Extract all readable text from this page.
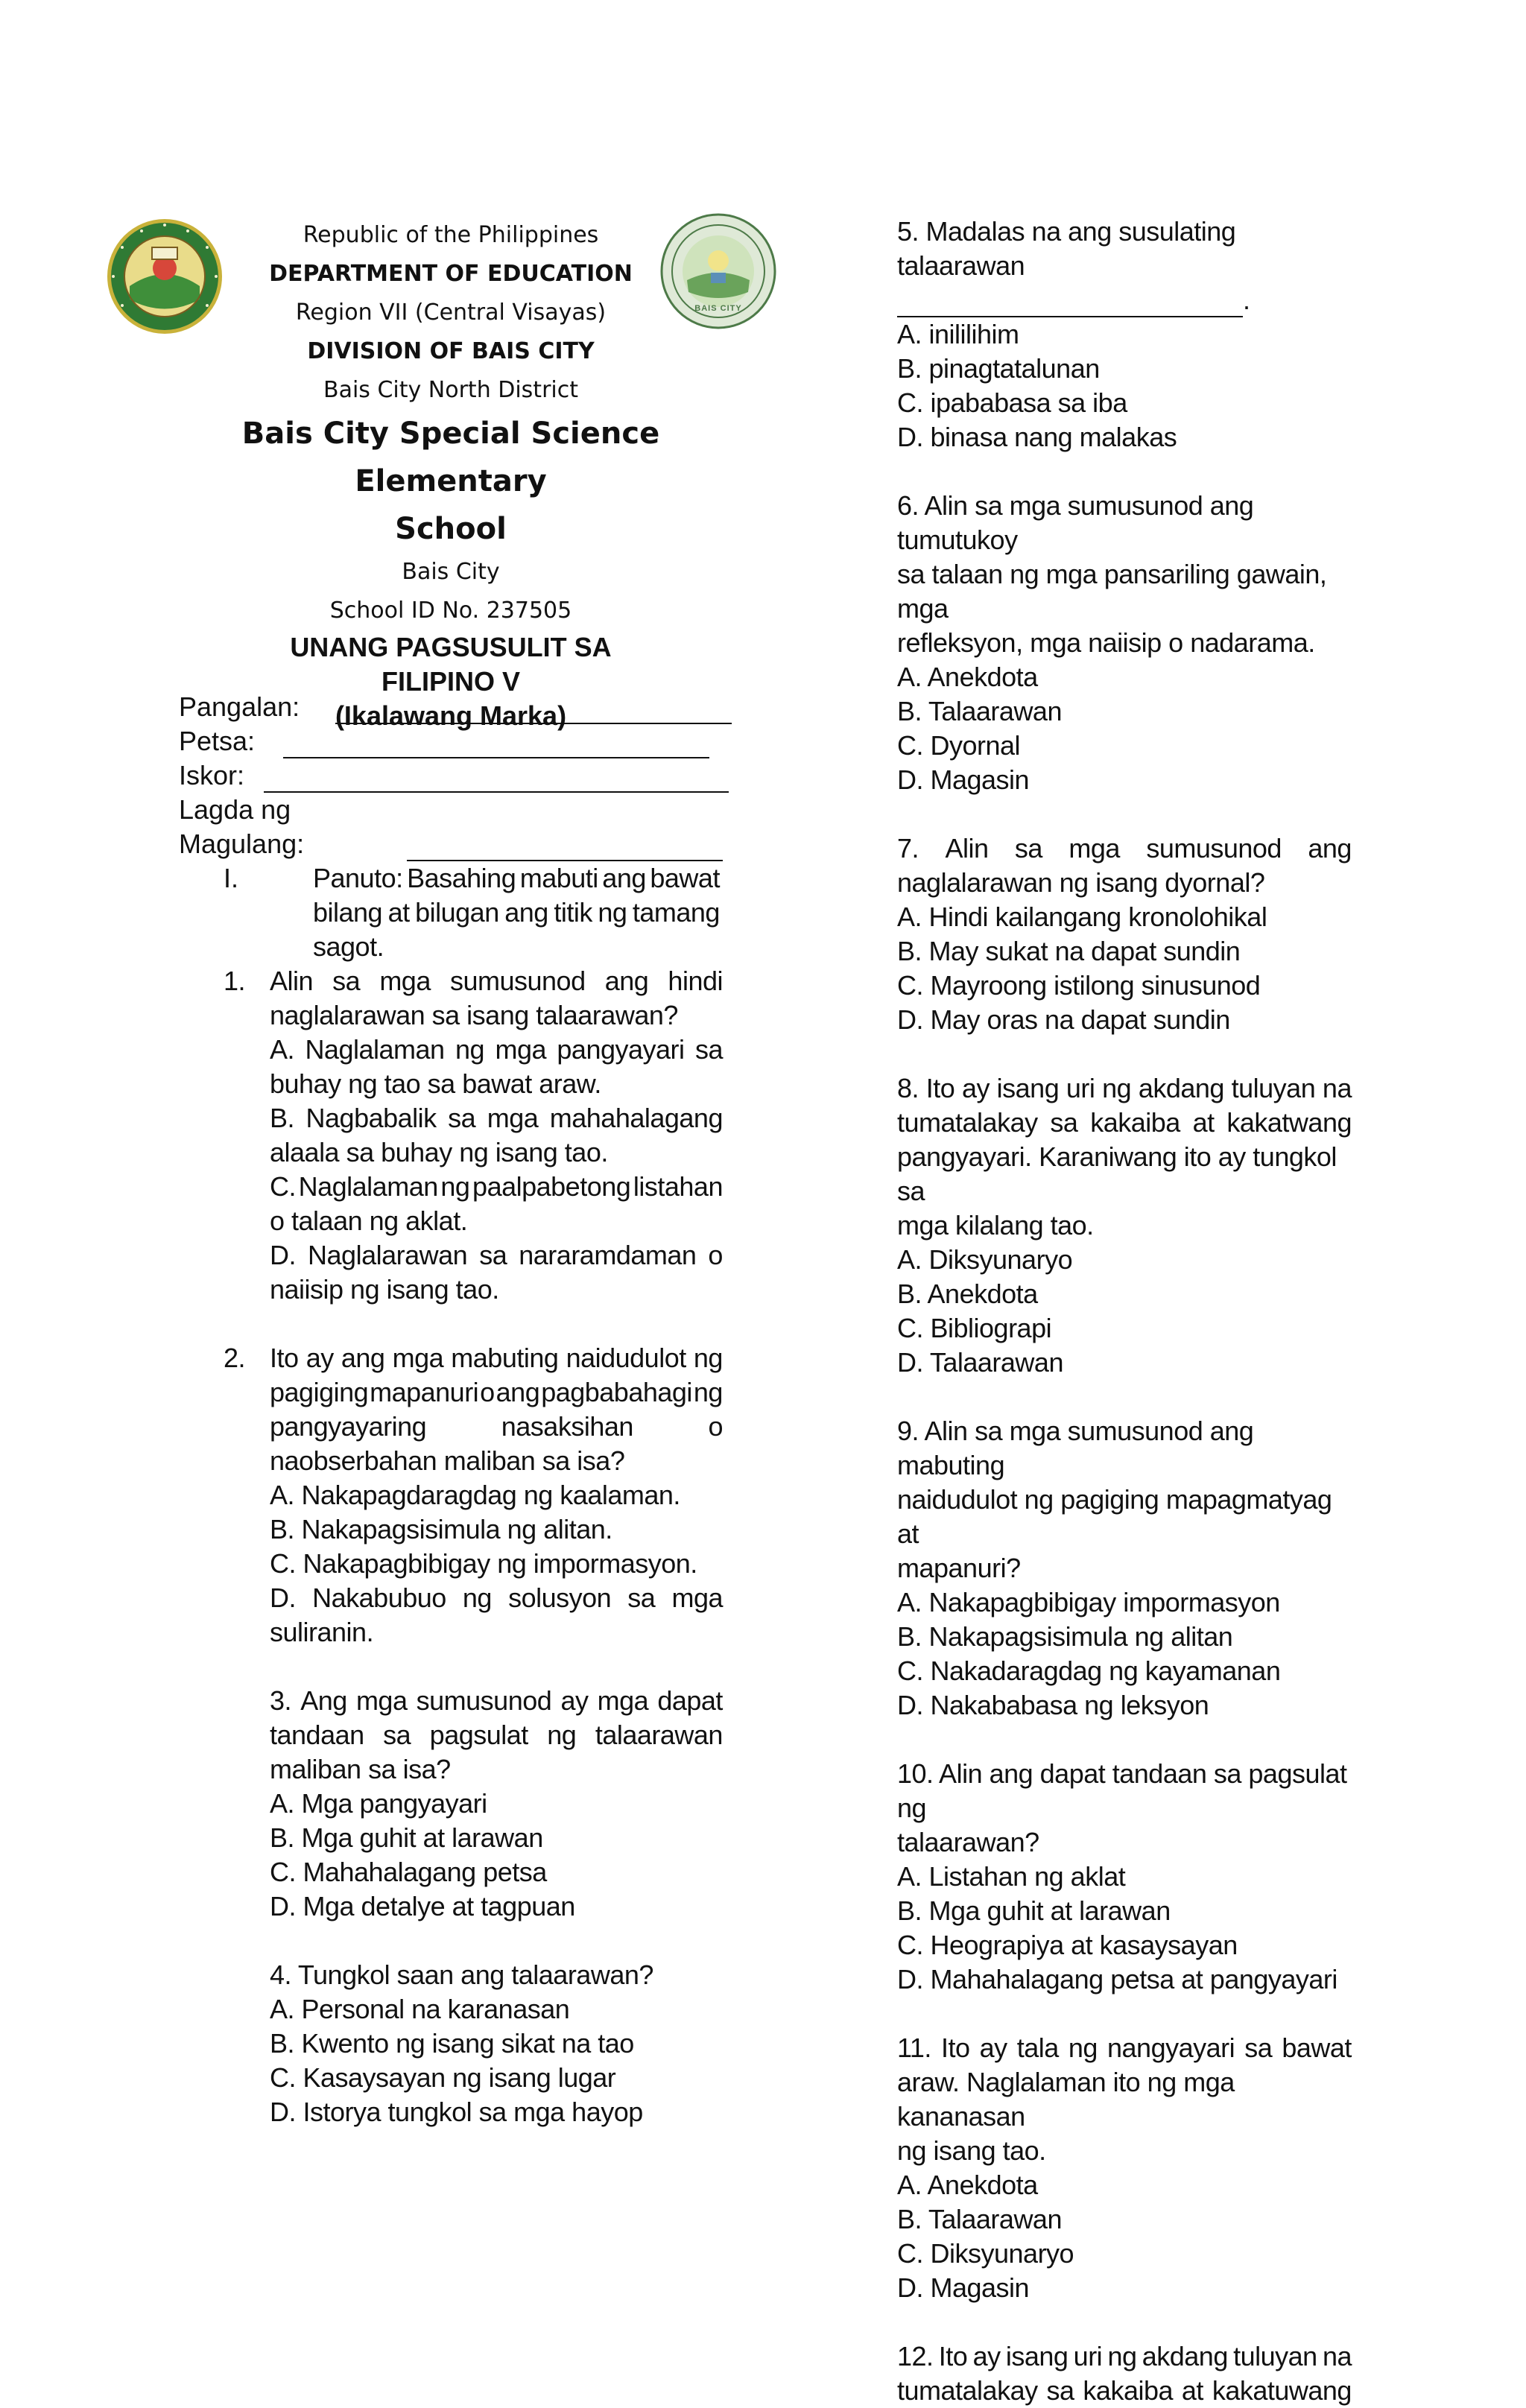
BAIS CITY
Republic of the Philippines
DEPARTMENT OF EDUCATION
Region VII (Central Visayas)
DIVISION OF BAIS CITY
Bais City North District
Bais City Special Science Elementary
School
Bais City
School ID No. 237505
UNANG PAGSUSULIT SA FILIPINO V
(Ikalawang Marka)
Pangalan:
Petsa:
Iskor:
Lagda ng Magulang:
I.	Panuto: Basahing mabuti ang bawat
bilang at bilugan ang titik ng tamang
sagot.
1. Alin sa mga sumusunod ang hindi
naglalarawan sa isang talaarawan?
A. Naglalaman ng mga pangyayari sa
buhay ng tao sa bawat araw.
B. Nagbabalik sa mga mahahalagang
alaala sa buhay ng isang tao.
C. Naglalaman ng paalpabetong listahan
o talaan ng aklat.
D. Naglalarawan sa nararamdaman o
naiisip ng isang tao.
2. Ito ay ang mga mabuting naidudulot ng
pagiging mapanuri o ang pagbabahagi ng
pangyayaring	nasaksihan	o
naobserbahan maliban sa isa?
A. Nakapagdaragdag ng kaalaman.
B. Nakapagsisimula ng alitan.
C. Nakapagbibigay ng impormasyon.
D. Nakabubuo ng solusyon sa mga
suliranin.
3. Ang mga sumusunod ay mga dapat
tandaan sa pagsulat ng talaarawan
maliban sa isa?
A. Mga pangyayari
B. Mga guhit at larawan
C. Mahahalagang petsa
D. Mga detalye at tagpuan
4. Tungkol saan ang talaarawan?
A. Personal na karanasan
B. Kwento ng isang sikat na tao
C. Kasaysayan ng isang lugar
D. Istorya tungkol sa mga hayop
5. Madalas na ang susulating talaarawan
.
A. inililihim
B. pinagtatalunan
C. ipababasa sa iba
D. binasa nang malakas
6. Alin sa mga sumusunod ang tumutukoy
sa talaan ng mga pansariling gawain, mga
refleksyon, mga naiisip o nadarama.
A. Anekdota
B. Talaarawan
C. Dyornal
D. Magasin
7. Alin sa mga sumusunod ang
naglalarawan ng isang dyornal?
A. Hindi kailangang kronolohikal
B. May sukat na dapat sundin
C. Mayroong istilong sinusunod
D. May oras na dapat sundin
8. Ito ay isang uri ng akdang tuluyan na
tumatalakay sa kakaiba at kakatwang
pangyayari. Karaniwang ito ay tungkol sa
mga kilalang tao.
A. Diksyunaryo
B. Anekdota
C. Bibliograpi
D. Talaarawan
9. Alin sa mga sumusunod ang mabuting
naidudulot ng pagiging mapagmatyag at
mapanuri?
A. Nakapagbibigay impormasyon
B. Nakapagsisimula ng alitan
C. Nakadaragdag ng kayamanan
D. Nakababasa ng leksyon
10. Alin ang dapat tandaan sa pagsulat ng
talaarawan?
A. Listahan ng aklat
B. Mga guhit at larawan
C. Heograpiya at kasaysayan
D. Mahahalagang petsa at pangyayari
11. Ito ay tala ng nangyayari sa bawat
araw. Naglalaman ito ng mga kananasan
ng isang tao.
A. Anekdota
B. Talaarawan
C. Diksyunaryo
D. Magasin
12. Ito ay isang uri ng akdang tuluyan na
tumatalakay sa kakaiba at kakatuwang
